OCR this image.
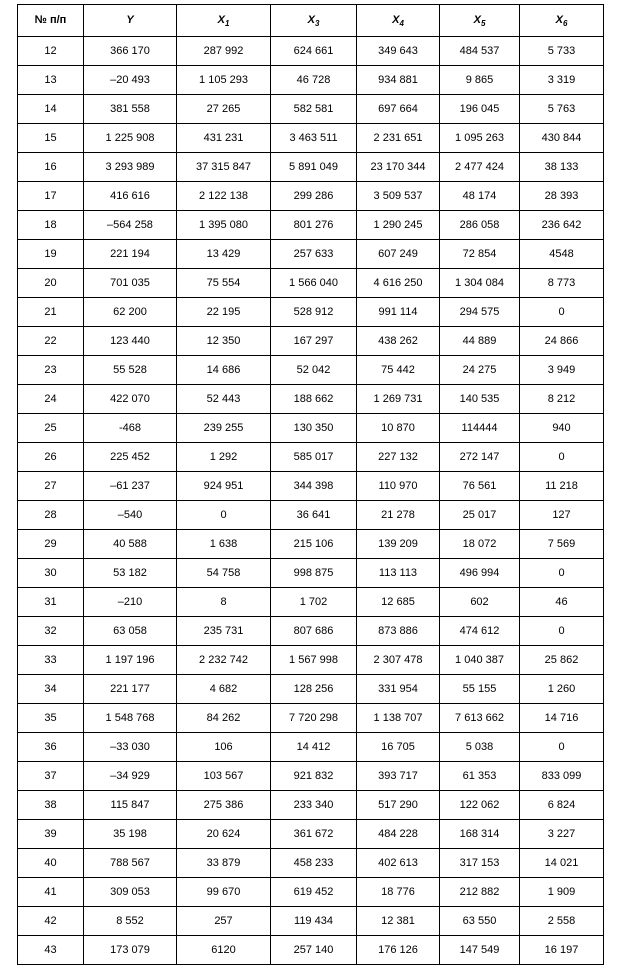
№ п/п	Y	$X_1$	$X_3$	$X_4$	$X_5$	$X_6$
12	366 170	287 992	624 661	349 643	484 537	5 733
13	–20 493	1 105 293	46 728	934 881	9 865	3 319
14	381 558	27 265	582 581	697 664	196 045	5 763
15	1 225 908	431 231	3 463 511	2 231 651	1 095 263	430 844
16	3 293 989	37 315 847	5 891 049	23 170 344	2 477 424	38 133
17	416 616	2 122 138	299 286	3 509 537	48 174	28 393
18	–564 258	1 395 080	801 276	1 290 245	286 058	236 642
19	221 194	13 429	257 633	607 249	72 854	4548
20	701 035	75 554	1 566 040	4 616 250	1 304 084	8 773
21	62 200	22 195	528 912	991 114	294 575	0
22	123 440	12 350	167 297	438 262	44 889	24 866
23	55 528	14 686	52 042	75 442	24 275	3 949
24	422 070	52 443	188 662	1 269 731	140 535	8 212
25	-468	239 255	130 350	10 870	114444	940
26	225 452	1 292	585 017	227 132	272 147	0
27	–61 237	924 951	344 398	110 970	76 561	11 218
28	–540	0	36 641	21 278	25 017	127
29	40 588	1 638	215 106	139 209	18 072	7 569
30	53 182	54 758	998 875	113 113	496 994	0
31	–210	8	1 702	12 685	602	46
32	63 058	235 731	807 686	873 886	474 612	0
33	1 197 196	2 232 742	1 567 998	2 307 478	1 040 387	25 862
34	221 177	4 682	128 256	331 954	55 155	1 260
35	1 548 768	84 262	7 720 298	1 138 707	7 613 662	14 716
36	–33 030	106	14 412	16 705	5 038	0
37	–34 929	103 567	921 832	393 717	61 353	833 099
38	115 847	275 386	233 340	517 290	122 062	6 824
39	35 198	20 624	361 672	484 228	168 314	3 227
40	788 567	33 879	458 233	402 613	317 153	14 021
41	309 053	99 670	619 452	18 776	212 882	1 909
42	8 552	257	119 434	12 381	63 550	2 558
43	173 079	6120	257 140	176 126	147 549	16 197
